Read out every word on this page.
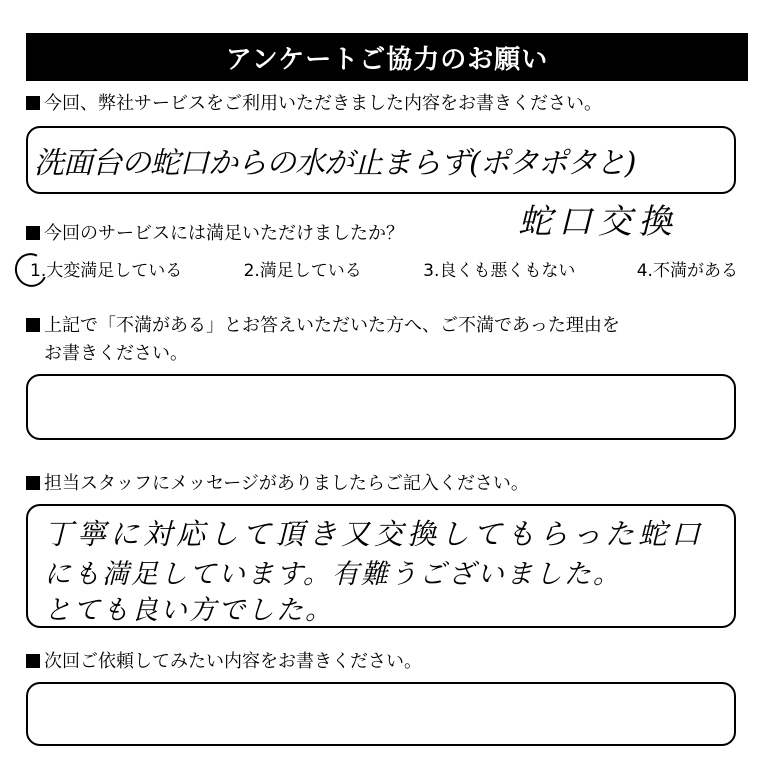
アンケートご協力のお願い
今回、弊社サービスをご利用いただきました内容をお書きください。
洗面台の蛇口からの水が止まらず(ポタポタと)
蛇口交換
今回のサービスには満足いただけましたか？
1.大変満足している	2.満足している	3.良くも悪くもない	4.不満がある
上記で「不満がある」とお答えいただいた方へ、ご不満であった理由を
お書きください。
担当スタッフにメッセージがありましたらご記入ください。
丁寧に対応して頂き又交換してもらった蛇口
にも満足しています。有難うございました。
とても良い方でした。
次回ご依頼してみたい内容をお書きください。
